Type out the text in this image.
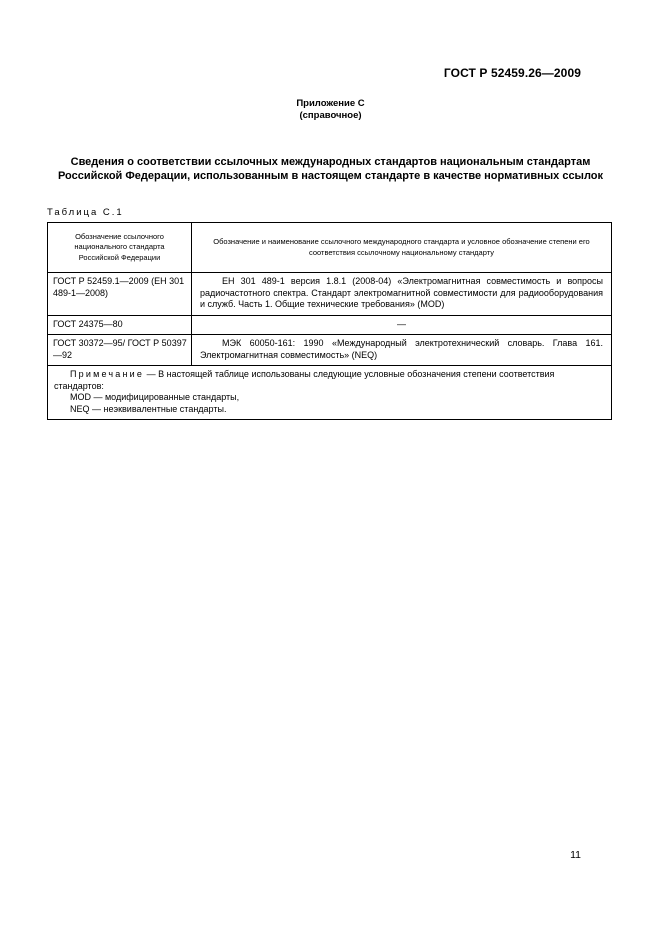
ГОСТ Р 52459.26—2009
Приложение С
(справочное)
Сведения о соответствии ссылочных международных стандартов национальным стандартам Российской Федерации, использованным в настоящем стандарте в качестве нормативных ссылок
Таблица С.1
Обозначение ссылочного национального стандарта Российской Федерации	Обозначение и наименование ссылочного международного стандарта и условное обозначение степени его соответствия ссылочному национальному стандарту
ГОСТ Р 52459.1—2009 (ЕН 301 489-1—2008)	ЕН 301 489-1 версия 1.8.1 (2008-04) «Электромагнитная совместимость и вопросы радиочастотного спектра. Стандарт электромагнитной совместимости для радиооборудования и служб. Часть 1. Общие технические требования» (MOD)

ГОСТ 24375—80	—
ГОСТ 30372—95/ ГОСТ Р 50397—92	МЭК 60050-161: 1990 «Международный электротехнический словарь. Глава 161. Электромагнитная совместимость» (NEQ)

Примечание — В настоящей таблице использованы следующие условные обозначения степени соответствия стандартов:
MOD — модифицированные стандарты,
NEQ — неэквивалентные стандарты.	
11
